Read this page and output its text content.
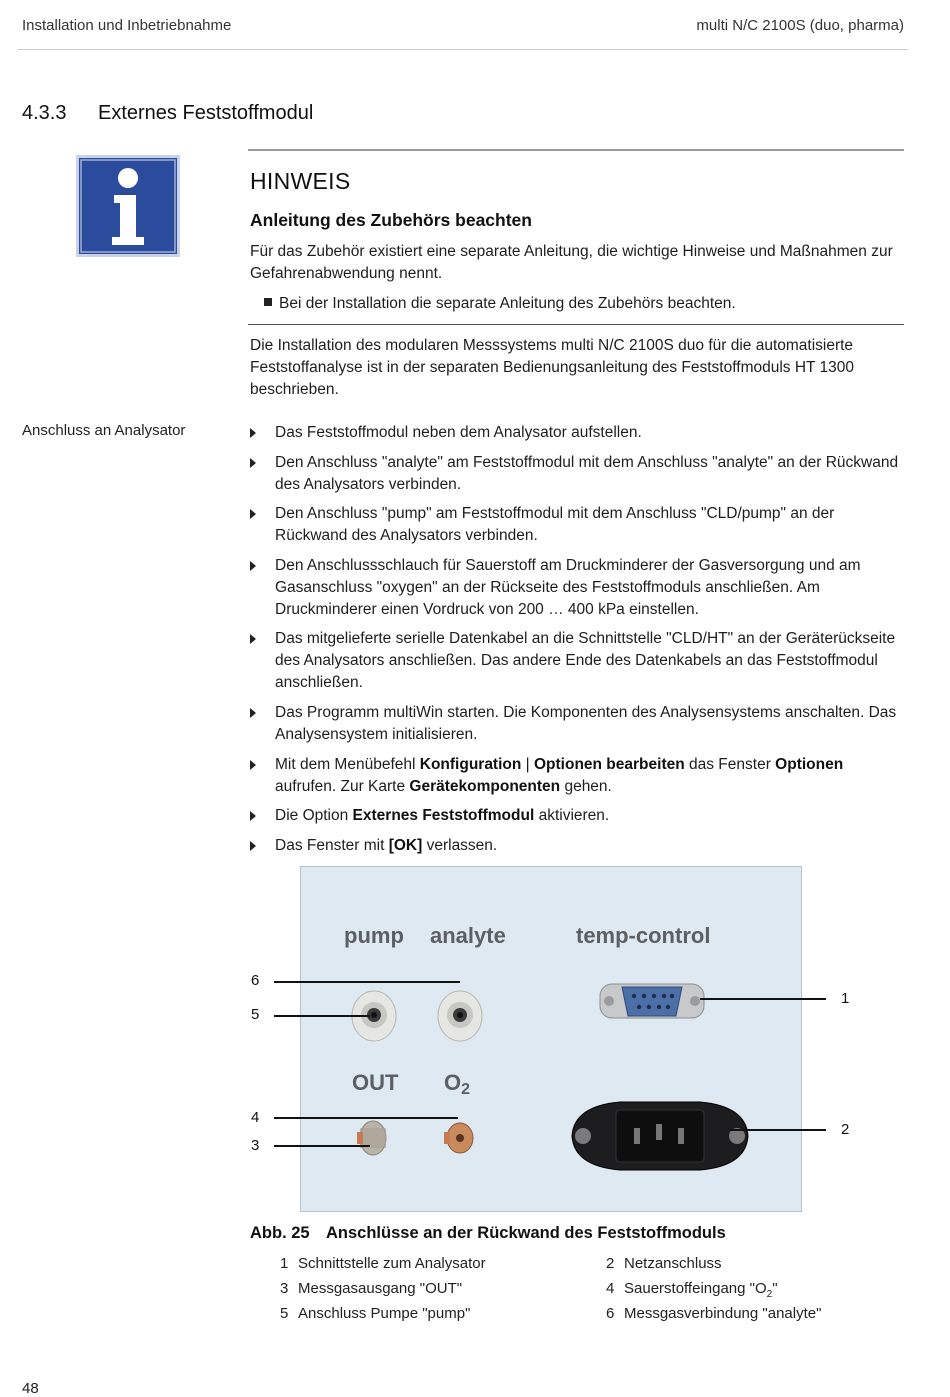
Installation und Inbetriebnahme	multi N/C 2100S (duo, pharma)
4.3.3 Externes Feststoffmodul
HINWEIS
Anleitung des Zubehörs beachten
Für das Zubehör existiert eine separate Anleitung, die wichtige Hinweise und Maßnahmen zur Gefahrenabwendung nennt.
Bei der Installation die separate Anleitung des Zubehörs beachten.
Die Installation des modularen Messsystems multi N/C 2100S duo für die automatisierte Feststoffanalyse ist in der separaten Bedienungsanleitung des Feststoffmoduls HT 1300 beschrieben.
Anschluss an Analysator	Das Feststoffmodul neben dem Analysator aufstellen.
Den Anschluss "analyte" am Feststoffmodul mit dem Anschluss "analyte" an der Rückwand des Analysators verbinden.
Den Anschluss "pump" am Feststoffmodul mit dem Anschluss "CLD/pump" an der Rückwand des Analysators verbinden.
Den Anschlussschlauch für Sauerstoff am Druckminderer der Gasversorgung und am Gasanschluss "oxygen" an der Rückseite des Feststoffmoduls anschließen. Am Druckminderer einen Vordruck von 200 … 400 kPa einstellen.
Das mitgelieferte serielle Datenkabel an die Schnittstelle "CLD/HT" an der Geräterückseite des Analysators anschließen. Das andere Ende des Datenkabels an das Feststoffmodul anschließen.
Das Programm multiWin starten. Die Komponenten des Analysensystems anschalten. Das Analysensystem initialisieren.
Mit dem Menübefehl Konfiguration | Optionen bearbeiten das Fenster Optionen aufrufen. Zur Karte Gerätekomponenten gehen.
Die Option Externes Feststoffmodul aktivieren.
Das Fenster mit [OK] verlassen.
pump analyte	temp-control
OUT O2
6
5
1
4
3
2
Abb. 25 Anschlüsse an der Rückwand des Feststoffmoduls
1 Schnittstelle zum Analysator	2 Netzanschluss
3 Messgasausgang "OUT"	4 Sauerstoffeingang "$O_2$"
5 Anschluss Pumpe "pump"	6 Messgasverbindung "analyte"
48
